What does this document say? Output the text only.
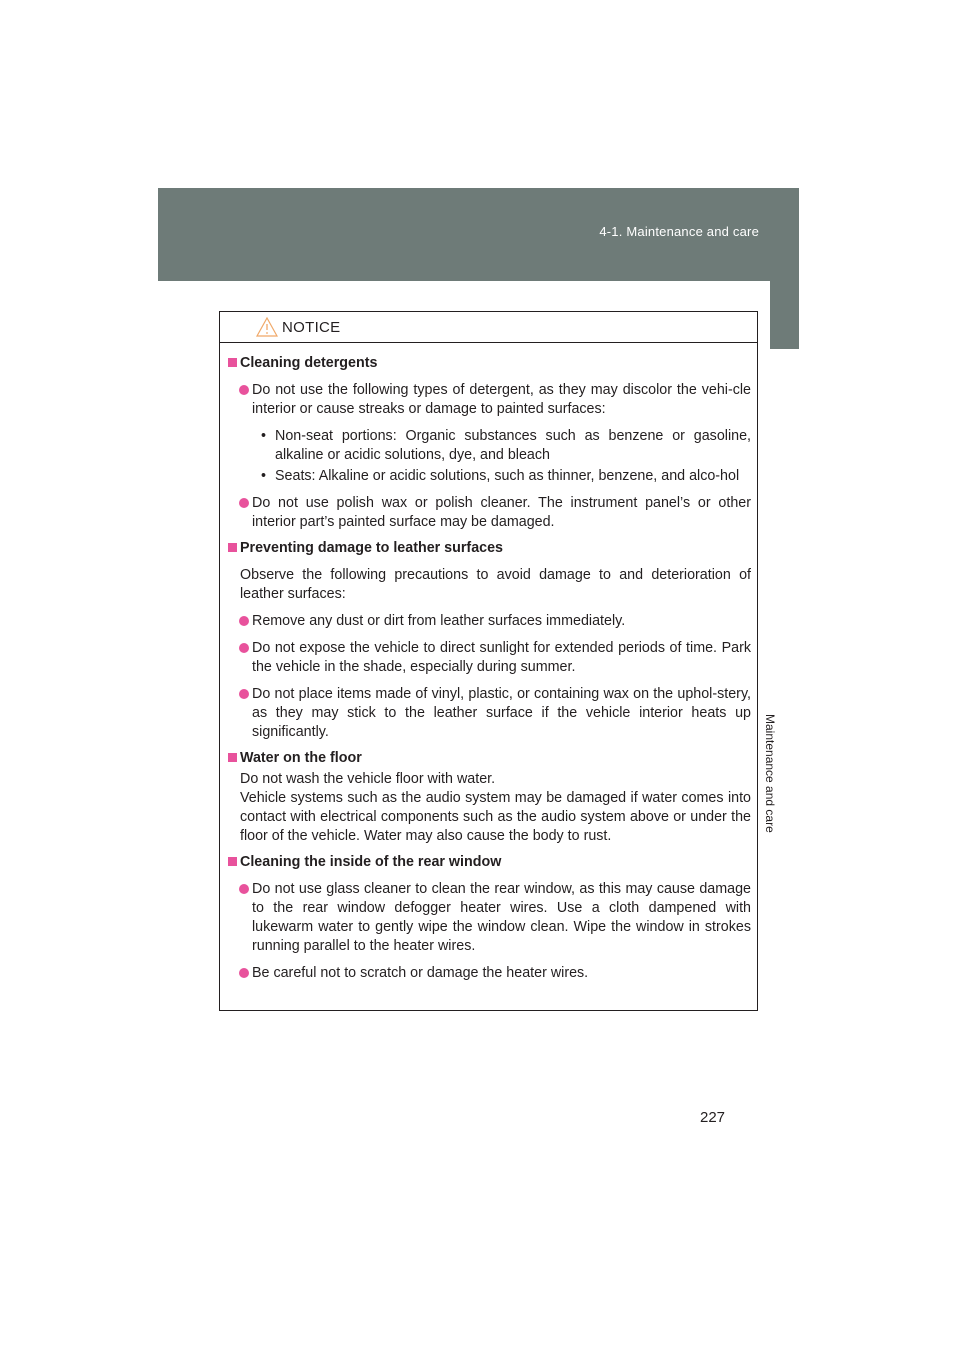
4-1. Maintenance and care
Maintenance and care
NOTICE
Cleaning detergents
Do not use the following types of detergent, as they may discolor the vehi-cle interior or cause streaks or damage to painted surfaces:
• Non-seat portions: Organic substances such as benzene or gasoline, alkaline or acidic solutions, dye, and bleach
• Seats: Alkaline or acidic solutions, such as thinner, benzene, and alco-hol
Do not use polish wax or polish cleaner. The instrument panel’s or other interior part’s painted surface may be damaged.
Preventing damage to leather surfaces
Observe the following precautions to avoid damage to and deterioration of leather surfaces:
Remove any dust or dirt from leather surfaces immediately.
Do not expose the vehicle to direct sunlight for extended periods of time. Park the vehicle in the shade, especially during summer.
Do not place items made of vinyl, plastic, or containing wax on the uphol-stery, as they may stick to the leather surface if the vehicle interior heats up significantly.
Water on the floor
Do not wash the vehicle floor with water.
Vehicle systems such as the audio system may be damaged if water comes into contact with electrical components such as the audio system above or under the floor of the vehicle. Water may also cause the body to rust.
Cleaning the inside of the rear window
Do not use glass cleaner to clean the rear window, as this may cause damage to the rear window defogger heater wires. Use a cloth dampened with lukewarm water to gently wipe the window clean. Wipe the window in strokes running parallel to the heater wires.
Be careful not to scratch or damage the heater wires.
227
